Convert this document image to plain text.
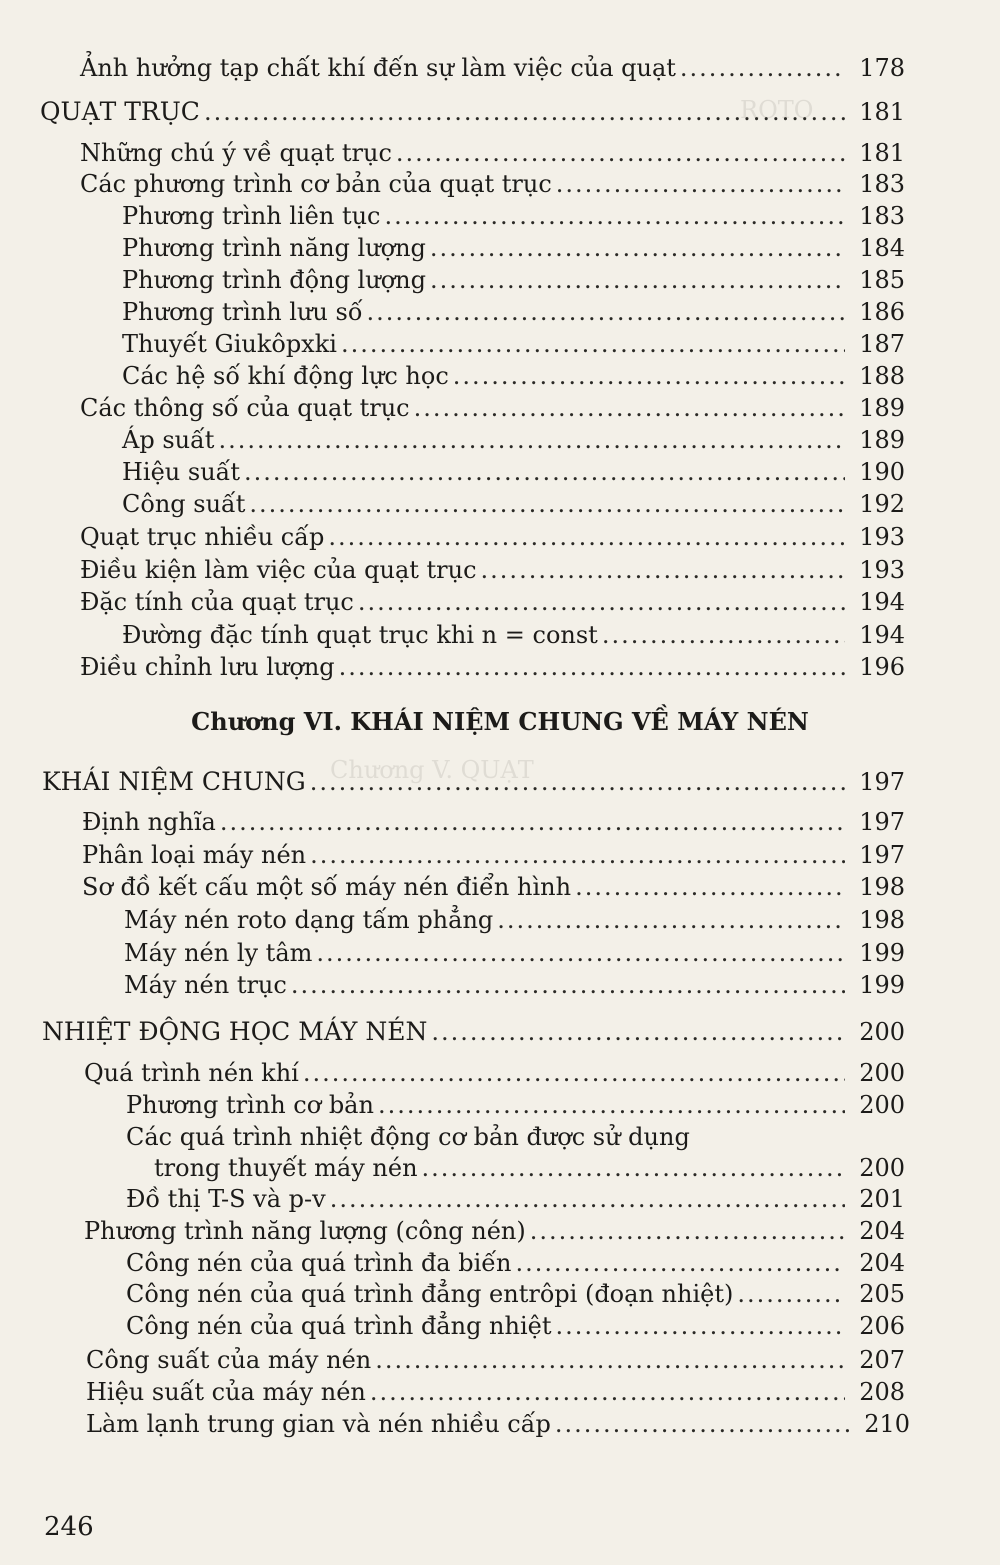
ROTO
Chương V. QUẠT
Ảnh hưởng tạp chất khí đến sự làm việc của quạt .....	178
QUẠT TRỤC .....	181
Những chú ý về quạt trục .....	181
Các phương trình cơ bản của quạt trục .....	183
Phương trình liên tục .....	183
Phương trình năng lượng .....	184
Phương trình động lượng .....	185
Phương trình lưu số .....	186
Thuyết Giukôpxki .....	187
Các hệ số khí động lực học .....	188
Các thông số của quạt trục .....	189
Áp suất .....	189
Hiệu suất .....	190
Công suất .....	192
Quạt trục nhiều cấp .....	193
Điều kiện làm việc của quạt trục .....	193
Đặc tính của quạt trục .....	194
Đường đặc tính quạt trục khi n = const .....	194
Điều chỉnh lưu lượng .....	196
Chương VI. KHÁI NIỆM CHUNG VỀ MÁY NÉN
KHÁI NIỆM CHUNG .....	197
Định nghĩa .....	197
Phân loại máy nén .....	197
Sơ đồ kết cấu một số máy nén điển hình .....	198
Máy nén roto dạng tấm phẳng .....	198
Máy nén ly tâm .....	199
Máy nén trục .....	199
NHIỆT ĐỘNG HỌC MÁY NÉN .....	200
Quá trình nén khí .....	200
Phương trình cơ bản .....	200
Các quá trình nhiệt động cơ bản được sử dụng
trong thuyết máy nén .....	200
Đồ thị T-S và p-v .....	201
Phương trình năng lượng (công nén) .....	204
Công nén của quá trình đa biến .....	204
Công nén của quá trình đẳng entrôpi (đoạn nhiệt) .....	205
Công nén của quá trình đẳng nhiệt .....	206
Công suất của máy nén .....	207
Hiệu suất của máy nén .....	208
Làm lạnh trung gian và nén nhiều cấp .....	210
246
